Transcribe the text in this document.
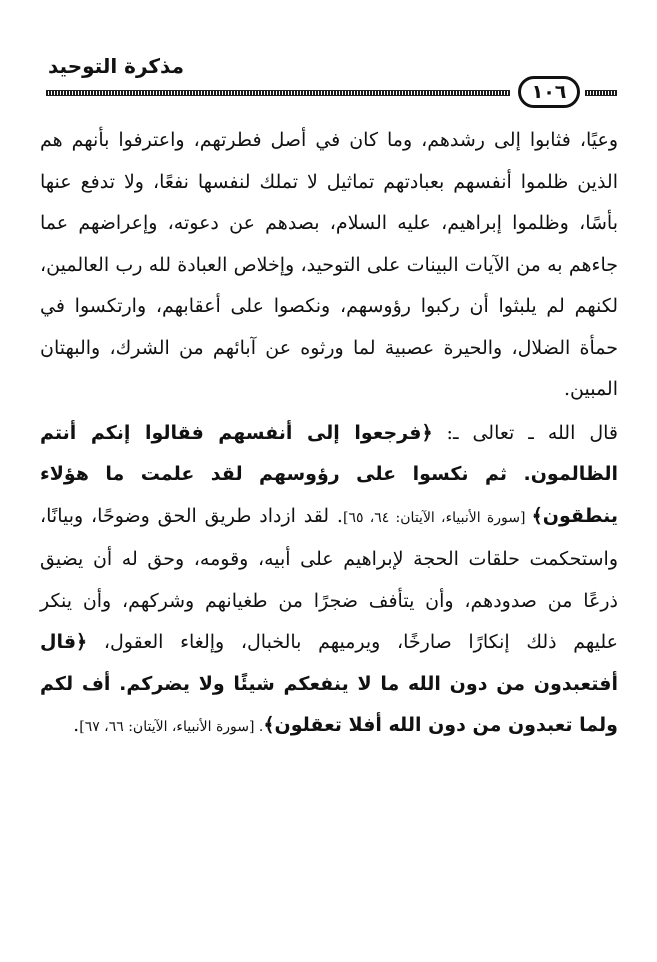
مذكرة التوحيد
١٠٦

وعيًا، فثابوا إلى رشدهم، وما كان في أصل فطرتهم، واعترفوا بأنهم هم الذين ظلموا أنفسهم بعبادتهم تماثيل لا تملك لنفسها نفعًا، ولا تدفع عنها بأسًا، وظلموا إبراهيم، عليه السلام، بصدهم عن دعوته، وإعراضهم عما جاءهم به من الآيات البينات على التوحيد، وإخلاص العبادة لله رب العالمين، لكنهم لم يلبثوا أن ركبوا رؤوسهم، ونكصوا على أعقابهم، وارتكسوا في حمأة الضلال، والحيرة عصبية لما ورثوه عن آبائهم من الشرك، والبهتان المبين.

قال الله ـ تعالى ـ: ﴿فرجعوا إلى أنفسهم فقالوا إنكم أنتم الظالمون. ثم نكسوا على رؤوسهم لقد علمت ما هؤلاء ينطقون﴾ [سورة الأنبياء، الآيتان: ٦٤، ٦٥]. لقد ازداد طريق الحق وضوحًا، وبيانًا، واستحكمت حلقات الحجة لإبراهيم على أبيه، وقومه، وحق له أن يضيق ذرعًا من صدودهم، وأن يتأفف ضجرًا من طغيانهم وشركهم، وأن ينكر عليهم ذلك إنكارًا صارخًا، ويرميهم بالخبال، وإلغاء العقول، ﴿قال أفتعبدون من دون الله ما لا ينفعكم شيئًا ولا يضركم. أف لكم ولما تعبدون من دون الله أفلا تعقلون﴾. [سورة الأنبياء، الآيتان: ٦٦، ٦٧].
